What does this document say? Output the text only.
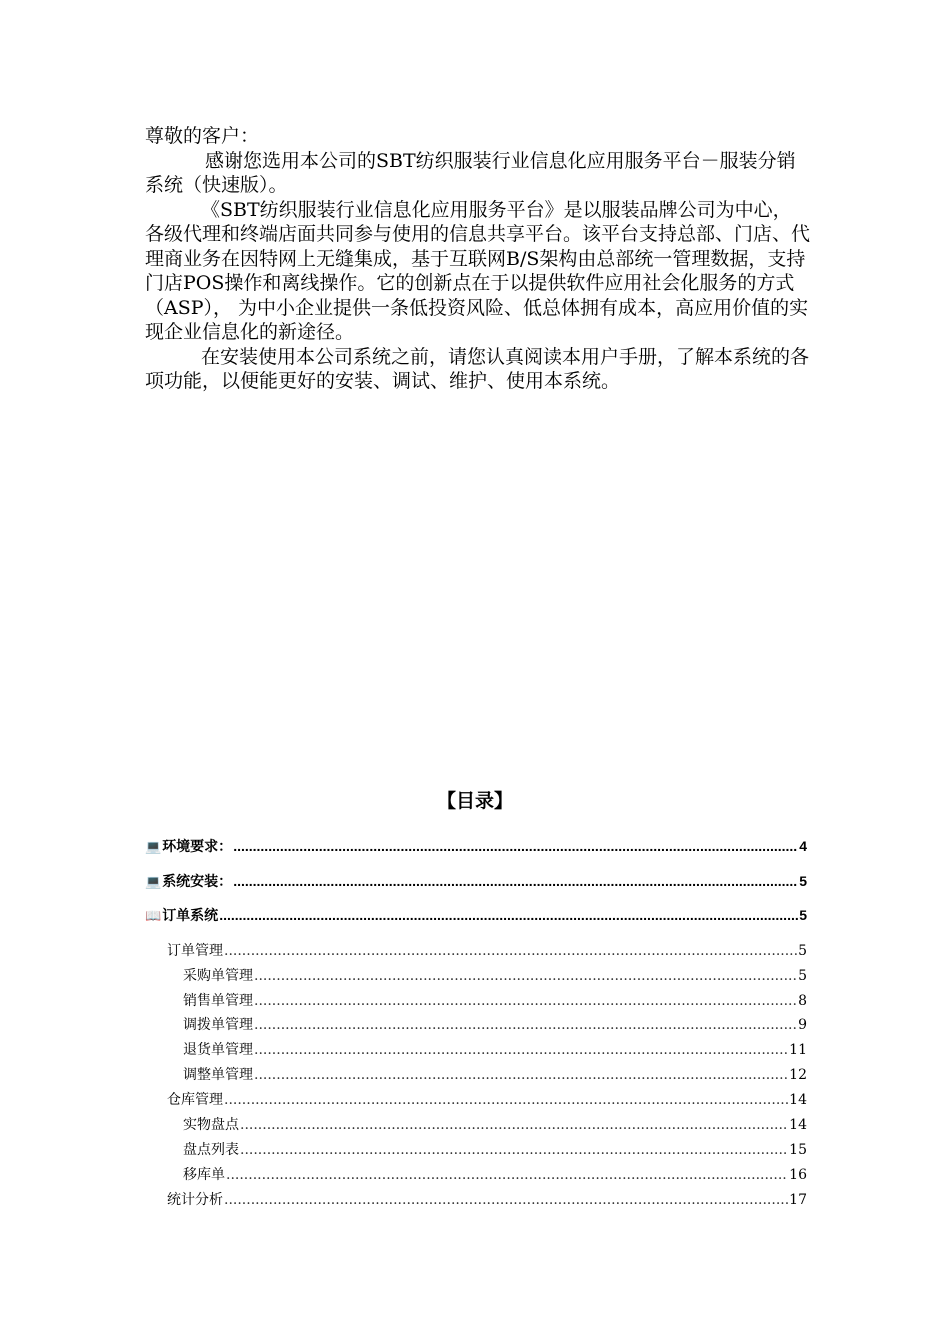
尊敬的客户：

感谢您选用本公司的SBT纺织服装行业信息化应用服务平台－服装分销系统（快速版）。

《SBT纺织服装行业信息化应用服务平台》是以服装品牌公司为中心，各级代理和终端店面共同参与使用的信息共享平台。该平台支持总部、门店、代理商业务在因特网上无缝集成，基于互联网B/S架构由总部统一管理数据，支持门店POS操作和离线操作。它的创新点在于以提供软件应用社会化服务的方式（ASP）， 为中小企业提供一条低投资风险、低总体拥有成本，高应用价值的实现企业信息化的新途径。

在安装使用本公司系统之前，请您认真阅读本用户手册，了解本系统的各项功能，以便能更好的安装、调试、维护、使用本系统。

【目录】
💻 环境要求： .....	4
💻 系统安装： .....	5
📖 订单系统 .....	5
订单管理 .....	5
采购单管理 .....	5
销售单管理 .....	8
调拨单管理 .....	9
退货单管理 .....	11
调整单管理 .....	12
仓库管理 .....	14
实物盘点 .....	14
盘点列表 .....	15
移库单 .....	16
统计分析 .....	17
